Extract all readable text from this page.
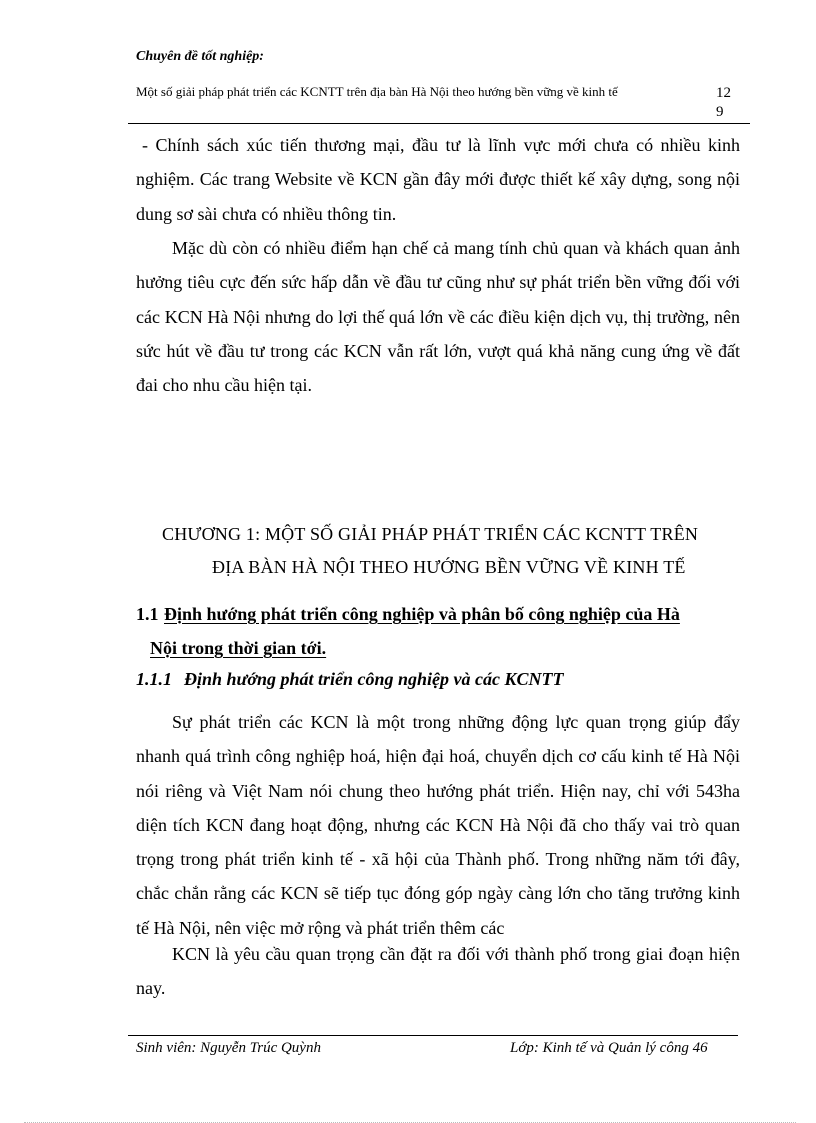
Chuyên đề tốt nghiệp:
Một số giải pháp phát triển các KCNTT trên địa bàn Hà Nội theo hướng bền vững về kinh tế	129
- Chính sách xúc tiến thương mại, đầu tư là lĩnh vực mới chưa có nhiều kinh nghiệm. Các trang Website về KCN gần đây mới được thiết kế xây dựng, song nội dung sơ sài chưa có nhiều thông tin.
Mặc dù còn có nhiều điểm hạn chế cả mang tính chủ quan và khách quan ảnh hưởng tiêu cực đến sức hấp dẫn về đầu tư cũng như sự phát triển bền vững đối với các KCN Hà Nội nhưng do lợi thế quá lớn về các điều kiện dịch vụ, thị trường, nên sức hút về đầu tư trong các KCN vẫn rất lớn, vượt quá khả năng cung ứng về đất đai cho nhu cầu hiện tại.
CHƯƠNG 1: MỘT SỐ GIẢI PHÁP PHÁT TRIỂN CÁC KCNTT TRÊN
ĐỊA BÀN HÀ NỘI THEO HƯỚNG BỀN VỮNG VỀ KINH TẾ
1.1 Định hướng phát triển công nghiệp và phân bố công nghiệp của Hà
Nội trong thời gian tới.
1.1.1 Định hướng phát triển công nghiệp và các KCNTT
Sự phát triển các KCN là một trong những động lực quan trọng giúp đẩy nhanh quá trình công nghiệp hoá, hiện đại hoá, chuyển dịch cơ cấu kinh tế Hà Nội nói riêng và Việt Nam nói chung theo hướng phát triển. Hiện nay, chỉ với 543ha diện tích KCN đang hoạt động, nhưng các KCN Hà Nội đã cho thấy vai trò quan trọng trong phát triển kinh tế - xã hội của Thành phố. Trong những năm tới đây, chắc chắn rằng các KCN sẽ tiếp tục đóng góp ngày càng lớn cho tăng trưởng kinh tế Hà Nội, nên việc mở rộng và phát triển thêm các
KCN là yêu cầu quan trọng cần đặt ra đối với thành phố trong giai đoạn hiện nay.
Sinh viên: Nguyễn Trúc Quỳnh	Lớp: Kinh tế và Quản lý công 46
